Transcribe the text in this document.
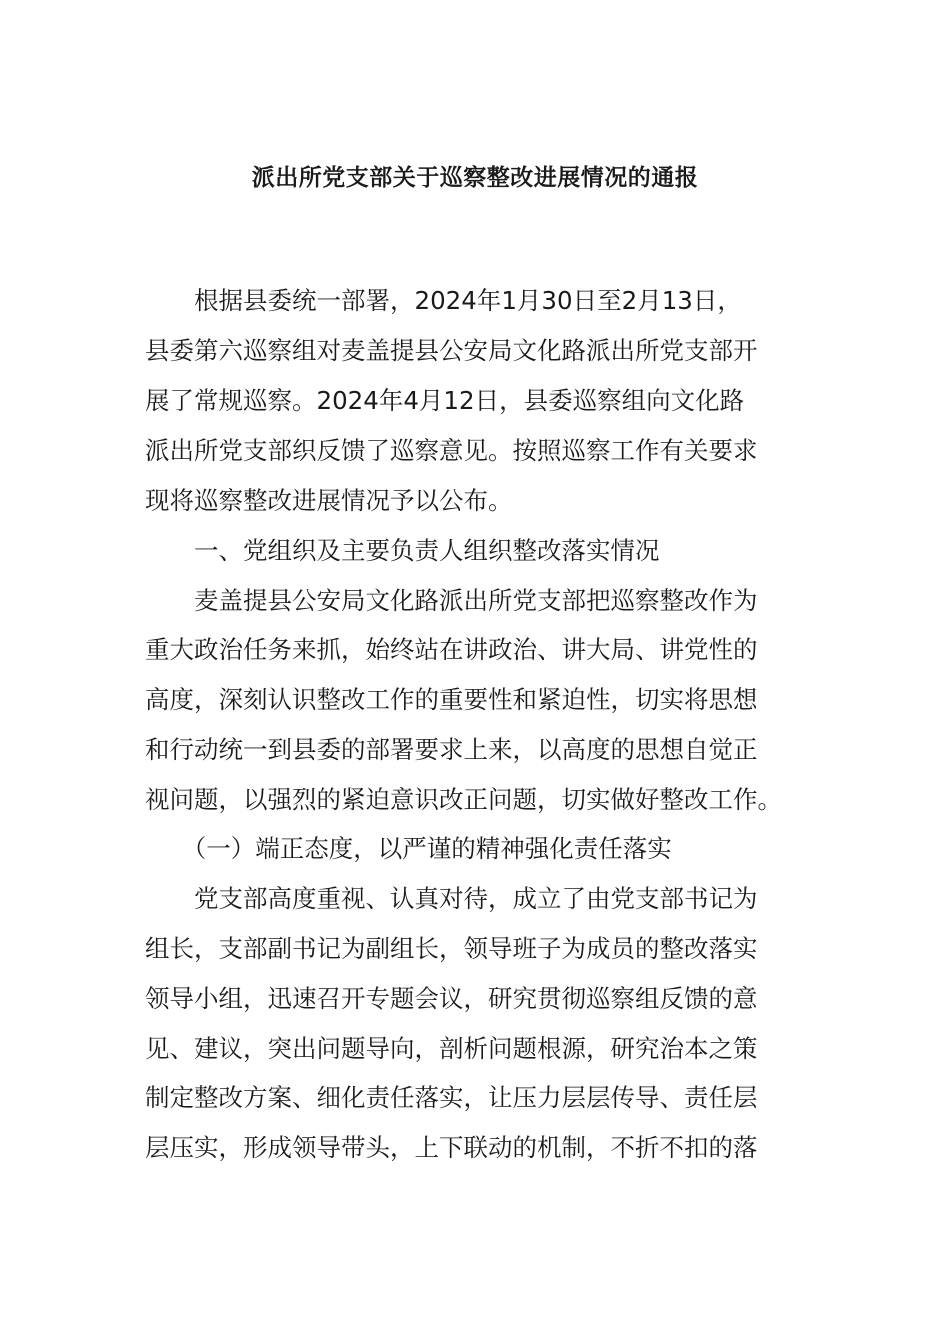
派出所党支部关于巡察整改进展情况的通报
　　根据县委统一部署，2024年1月30日至2月13日，
县委第六巡察组对麦盖提县公安局文化路派出所党支部开
展了常规巡察。2024年4月12日，县委巡察组向文化路
派出所党支部织反馈了巡察意见。按照巡察工作有关要求
现将巡察整改进展情况予以公布。
　　一、党组织及主要负责人组织整改落实情况
　　麦盖提县公安局文化路派出所党支部把巡察整改作为
重大政治任务来抓，始终站在讲政治、讲大局、讲党性的
高度，深刻认识整改工作的重要性和紧迫性，切实将思想
和行动统一到县委的部署要求上来，以高度的思想自觉正
视问题，以强烈的紧迫意识改正问题，切实做好整改工作。
　　（一）端正态度，以严谨的精神强化责任落实
　　党支部高度重视、认真对待，成立了由党支部书记为
组长，支部副书记为副组长，领导班子为成员的整改落实
领导小组，迅速召开专题会议，研究贯彻巡察组反馈的意
见、建议，突出问题导向，剖析问题根源，研究治本之策
制定整改方案、细化责任落实，让压力层层传导、责任层
层压实，形成领导带头，上下联动的机制，不折不扣的落
